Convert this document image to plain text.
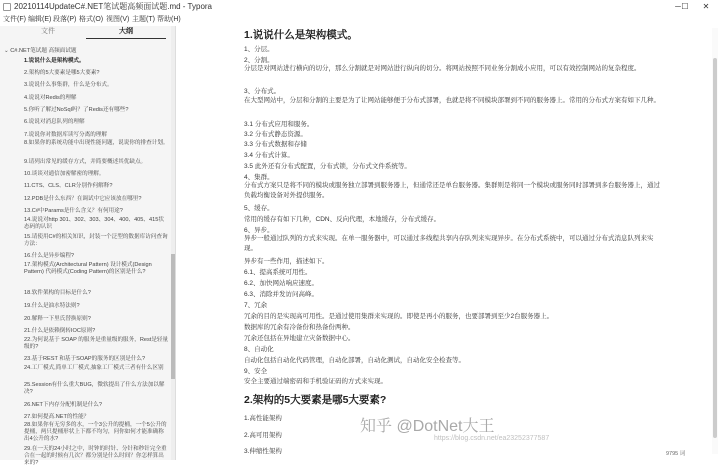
20210114UpdateC#.NET笔试题高频面试题.md - Typora	─	✕
☐
文件(F) 编辑(E) 段落(P) 格式(O) 视图(V) 主题(T) 帮助(H)
文件	大纲
⌄ C#.NET笔试题 高频面试题
1.说说什么是架构模式。
2.架构的5大要素是哪5大要素?
3.说说什么事集群，什么是分布式。
4.说说对Redis的理解
5.你听了解过NoSql吗？了Redis还有哪些?
6.说说对消息队列的理解
7.说说你对数据库读写分离的理解
8.如果你的系统功能中出现性能问题，说说你的排查计划。
9.请列出常见的缓存方式，并简要概述其优缺点。
10.谈谈对通信加密解密的理解。
11.CTS、CLS、CLR分别作何解释?
12.PDB是什么东西？在调试中它应该放在哪里?
13.C#中Params是什么含义？有何用途?
14.说说对http 301、302、303、304、400、405、415状态码的认识
15.请使用C#的相关知识，封装一个泛型的数据库访问查询方法：
16.什么是异步编程?
17.架构模式(Architectural Pattern) 设计模式(Design Pattern) 代码模式(Coding Pattern)的区别是什么?
18.软件架构的目标是什么?
19.什么是油水特法则?
20.解释一下里氏替换原则?
21.什么是依赖倒转IOC原则?
22.为何说基于 SOAP 的服务是重量级的服务，Rest是轻量级的?
23.基于REST 和基于SOAP的服务的区别是什么?
24.工厂模式,简单工厂模式,抽象工厂模式三者有什么区别
25.Session有什么重大BUG，微软提出了什么方法加以解决?
26.NET下内存分配机制是什么?
27.如何提高.NET的性能？
28.如果你有无穷多的水，一个3公升的提桶，一个5公升的提桶，两只提桶形状上下都不均匀，问你如何才能准确称出4公升的水?
29.在一天的24小时之中，时钟的时针、分针和秒针完全重合在一起的时候有几次？都分别是什么时间？你怎样算出来的?
1.说说什么是架构模式。
1、分层。
2、分割。
分层是对网站进行横向的切分，那么分割就是对网站进行纵向的切分。将网站按照不同业务分割成小应用，可以有效控制网站的复杂程度。
3、分布式。
在大型网站中，分层和分割的主要是为了让网站能够便于分布式部署，也就是将不同模块部署到不同的服务器上。常用的分布式方案有如下几种。
3.1 分布式应用和服务。
3.2 分布式静态资源。
3.3 分布式数据和存储
3.4 分布式计算。
3.5 此外还有分布式配置，分布式锁，分布式文件系统等。
4、集群。
分布式方案只是将不同的模块或服务独立部署到服务器上，但通常还是单台服务器。集群则是将同一个模块或服务同时部署到多台服务器上，通过负载均衡设备对外提供服务。
5、缓存。
常用的缓存有如下几种，CDN、反向代理，本地缓存，分布式缓存。
6、异步。
异步一般通过队列的方式来实现。在单一服务器中，可以通过多线程共享内存队列来实现异步。在分布式系统中，可以通过分布式消息队列来实现。
异步有一些作用，描述如下。
6.1、提高系统可用性。
6.2、加快网站响应速度。
6.3、消除并发访问高峰。
7、冗余
冗余的目的是实现高可用性。是通过使用集群来实现的。即使是再小的服务，也要部署到至少2台服务器上。
数据库的冗余有冷备份和热备份两种。
冗余还包括在异地建立灾备数据中心。
8、自动化
自动化包括自动化代码管理，自动化部署，自动化测试，自动化安全检查等。
9、安全
安全主要通过端密码和手机验证码的方式来实现。
2.架构的5大要素是哪5大要素?
1.高性能架构
2.高可用架构
3.伸缩性架构
知乎 @DotNet大王
https://blog.csdn.net/ea23252377587
9795 词
